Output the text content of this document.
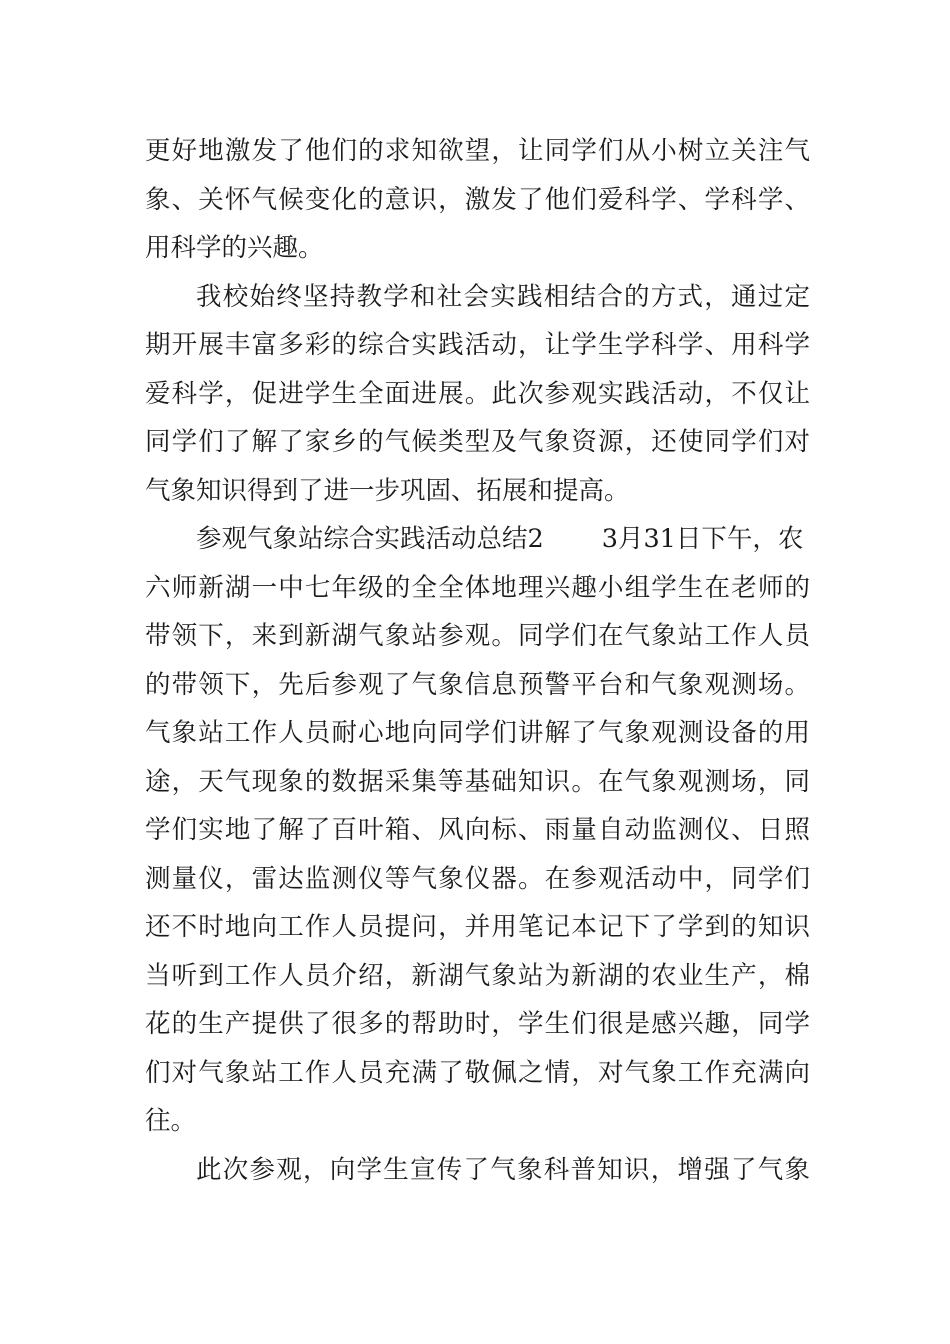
更好地激发了他们的求知欲望，让同学们从小树立关注气
象、关怀气候变化的意识，激发了他们爱科学、学科学、
用科学的兴趣。
我校始终坚持教学和社会实践相结合的方式，通过定
期开展丰富多彩的综合实践活动，让学生学科学、用科学
爱科学，促进学生全面进展。此次参观实践活动，不仅让
同学们了解了家乡的气候类型及气象资源，还使同学们对
气象知识得到了进一步巩固、拓展和提高。
参观气象站综合实践活动总结2 3月31日下午，农
六师新湖一中七年级的全全体地理兴趣小组学生在老师的
带领下，来到新湖气象站参观。同学们在气象站工作人员
的带领下，先后参观了气象信息预警平台和气象观测场。
气象站工作人员耐心地向同学们讲解了气象观测设备的用
途，天气现象的数据采集等基础知识。在气象观测场，同
学们实地了解了百叶箱、风向标、雨量自动监测仪、日照
测量仪，雷达监测仪等气象仪器。在参观活动中，同学们
还不时地向工作人员提问，并用笔记本记下了学到的知识
当听到工作人员介绍，新湖气象站为新湖的农业生产，棉
花的生产提供了很多的帮助时，学生们很是感兴趣，同学
们对气象站工作人员充满了敬佩之情，对气象工作充满向
往。
此次参观，向学生宣传了气象科普知识，增强了气象
